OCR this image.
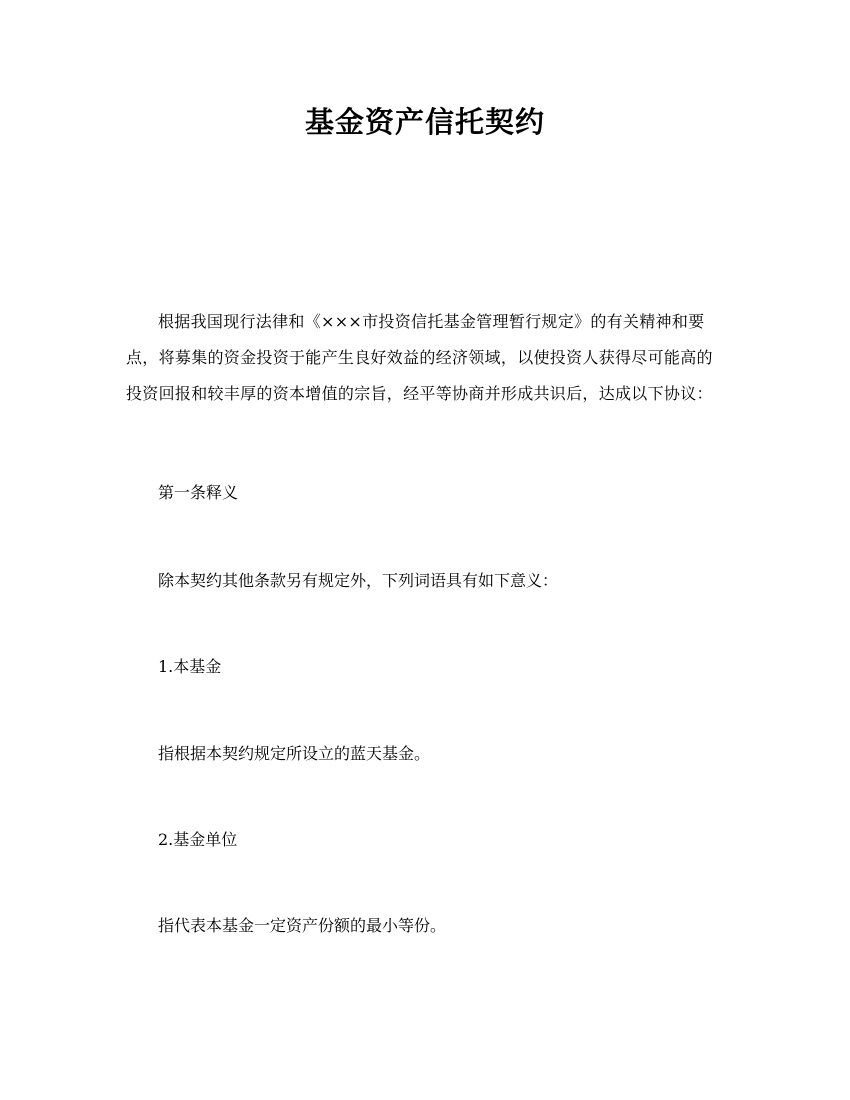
基金资产信托契约

根据我国现行法律和《×××市投资信托基金管理暂行规定》的有关精神和要
点，将募集的资金投资于能产生良好效益的经济领域，以使投资人获得尽可能高的
投资回报和较丰厚的资本增值的宗旨，经平等协商并形成共识后，达成以下协议：

第一条释义

除本契约其他条款另有规定外，下列词语具有如下意义：

1.本基金

指根据本契约规定所设立的蓝天基金。

2.基金单位

指代表本基金一定资产份额的最小等份。
